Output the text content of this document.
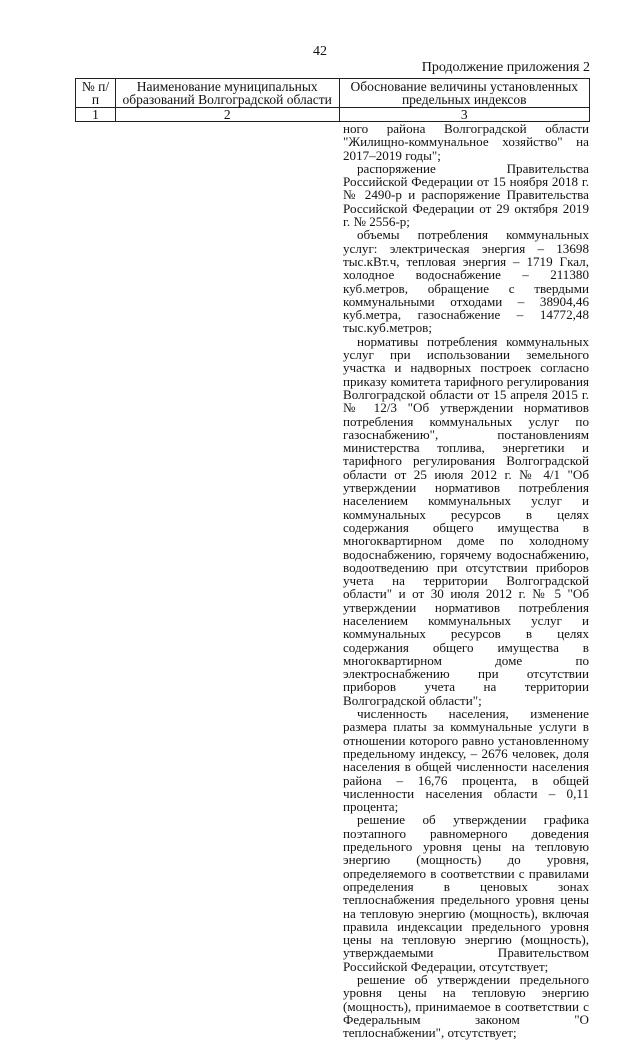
42
Продолжение приложения 2
№ п/п	Наименование муниципальных образований Волгоградской области	Обоснование величины установленных предельных индексов
1	2	3

ного района Волгоградской области "Жилищно-коммунальное хозяйство" на 2017–2019 годы";

распоряжение Правительства Российской Федерации от 15 ноября 2018 г. № 2490-р и распоряжение Правительства Российской Федерации от 29 октября 2019 г. № 2556-р;

объемы потребления коммунальных услуг: электрическая энергия – 13698 тыс.кВт.ч, тепловая энергия – 1719 Гкал, холодное водоснабжение – 211380 куб.метров, обращение с твердыми коммунальными отходами – 38904,46 куб.метра, газоснабжение – 14772,48 тыс.куб.метров;

нормативы потребления коммунальных услуг при использовании земельного участка и надворных построек согласно приказу комитета тарифного регулирования Волгоградской области от 15 апреля 2015 г. № 12/3 "Об утверждении нормативов потребления коммунальных услуг по газоснабжению", постановлениям министерства топлива, энергетики и тарифного регулирования Волгоградской области от 25 июля 2012 г. № 4/1 "Об утверждении нормативов потребления населением коммунальных услуг и коммунальных ресурсов в целях содержания общего имущества в многоквартирном доме по холодному водоснабжению, горячему водоснабжению, водоотведению при отсутствии приборов учета на территории Волгоградской области" и от 30 июля 2012 г. № 5 "Об утверждении нормативов потребления населением коммунальных услуг и коммунальных ресурсов в целях содержания общего имущества в многоквартирном доме по электроснабжению при отсутствии приборов учета на территории Волгоградской области";

численность населения, изменение размера платы за коммунальные услуги в отношении которого равно установленному предельному индексу, – 2676 человек, доля населения в общей численности населения района – 16,76 процента, в общей численности населения области – 0,11 процента;

решение об утверждении графика поэтапного равномерного доведения предельного уровня цены на тепловую энергию (мощность) до уровня, определяемого в соответствии с правилами определения в ценовых зонах теплоснабжения предельного уровня цены на тепловую энергию (мощность), включая правила индексации предельного уровня цены на тепловую энергию (мощность), утверждаемыми Правительством Российской Федерации, отсутствует;

решение об утверждении предельного уровня цены на тепловую энергию (мощность), принимаемое в соответствии с Федеральным законом "О теплоснабжении", отсутствует;
